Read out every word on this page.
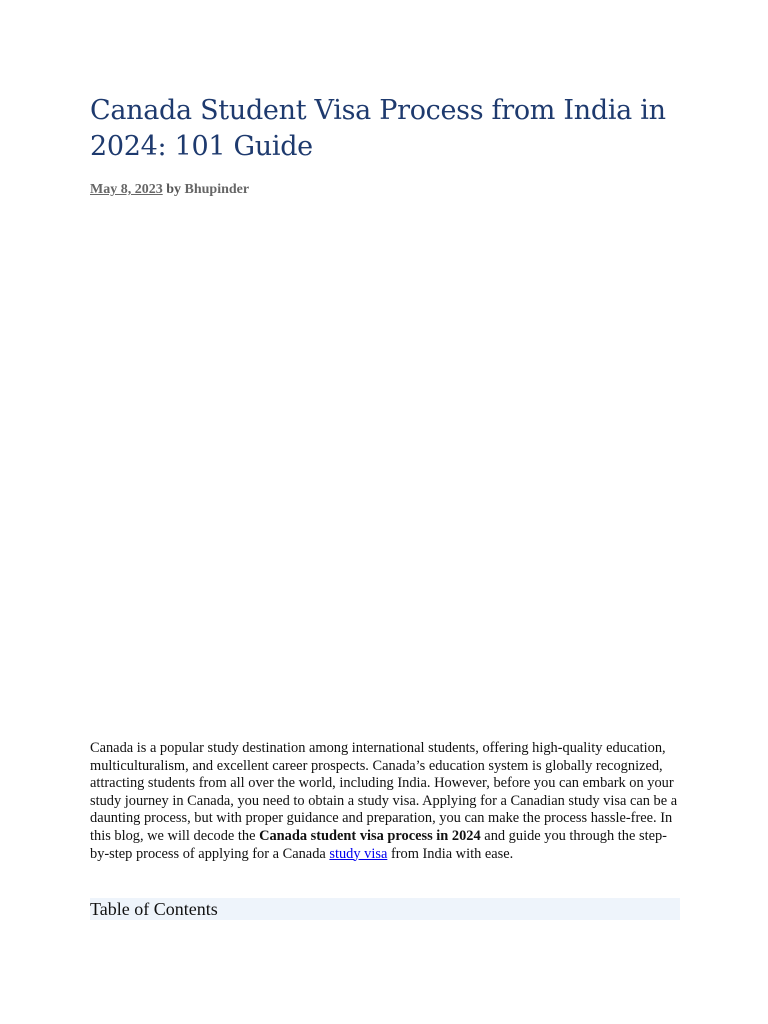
Canada Student Visa Process from India in 2024: 101 Guide
May 8, 2023 by Bhupinder

Canada is a popular study destination among international students, offering high-quality education, multiculturalism, and excellent career prospects. Canada’s education system is globally recognized, attracting students from all over the world, including India. However, before you can embark on your study journey in Canada, you need to obtain a study visa. Applying for a Canadian study visa can be a daunting process, but with proper guidance and preparation, you can make the process hassle-free. In this blog, we will decode the Canada student visa process in 2024 and guide you through the step-by-step process of applying for a Canada study visa from India with ease.

Table of Contents
